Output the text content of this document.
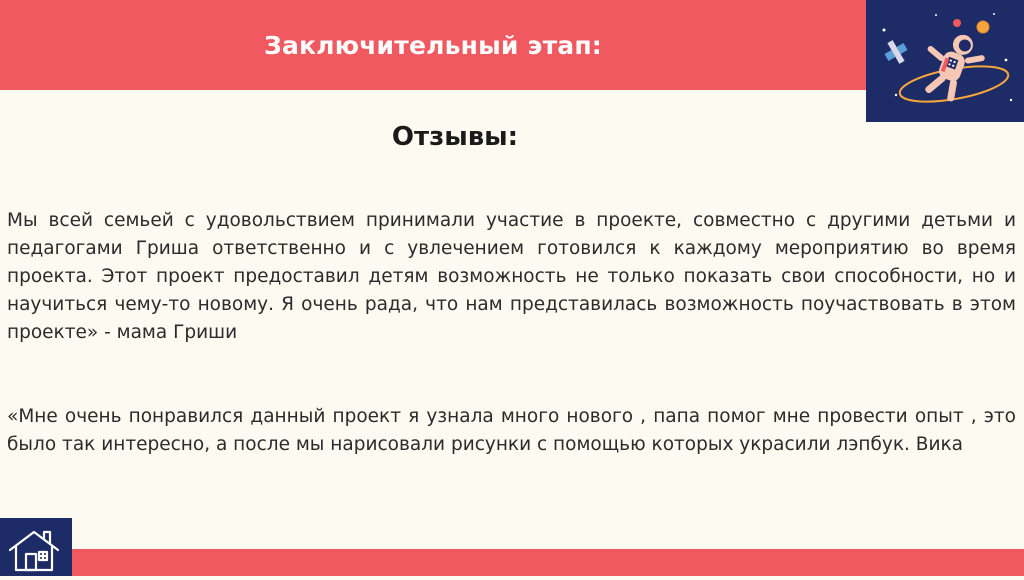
Заключительный этап:
Отзывы:

Мы всей семьей с удовольствием принимали участие в проекте, совместно с другими детьми и педагогами Гриша ответственно и с увлечением готовился к каждому мероприятию во время проекта. Этот проект предоставил детям возможность не только показать свои способности, но и научиться чему-то новому. Я очень рада, что нам представилась возможность поучаствовать в этом проекте» - мама Гриши

«Мне очень понравился данный проект я узнала много нового , папа помог мне провести опыт , это было так интересно, а после мы нарисовали рисунки с помощью которых украсили лэпбук. Вика
